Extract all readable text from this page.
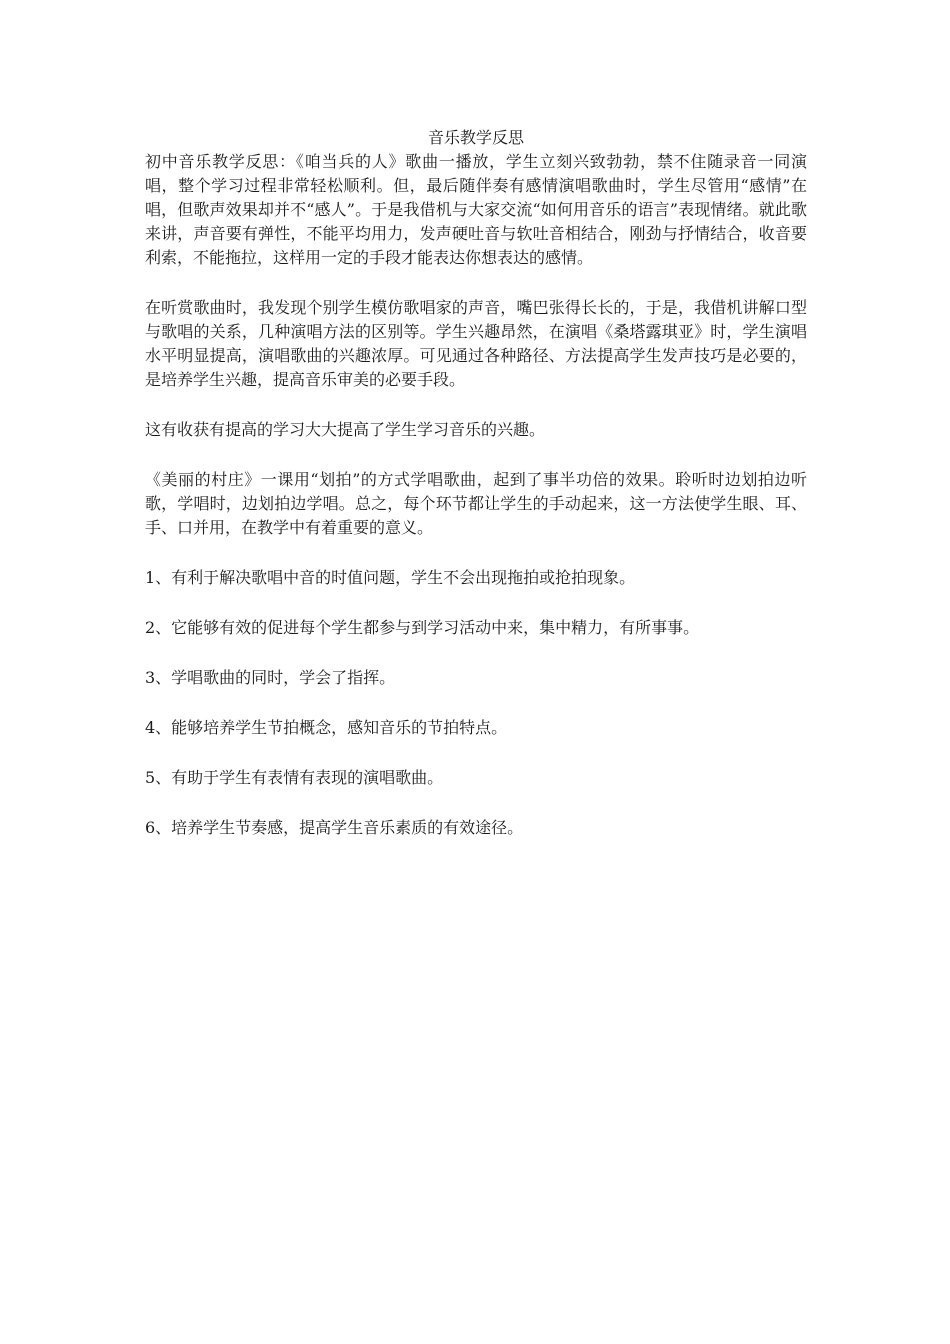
音乐教学反思

初中音乐教学反思：《咱当兵的人》歌曲一播放，学生立刻兴致勃勃，禁不住随录音一同演唱，整个学习过程非常轻松顺利。但，最后随伴奏有感情演唱歌曲时，学生尽管用“感情”在唱，但歌声效果却并不“感人”。于是我借机与大家交流“如何用音乐的语言”表现情绪。就此歌来讲，声音要有弹性，不能平均用力，发声硬吐音与软吐音相结合，刚劲与抒情结合，收音要利索，不能拖拉，这样用一定的手段才能表达你想表达的感情。

在听赏歌曲时，我发现个别学生模仿歌唱家的声音，嘴巴张得长长的，于是，我借机讲解口型与歌唱的关系，几种演唱方法的区别等。学生兴趣昂然，在演唱《桑塔露琪亚》时，学生演唱水平明显提高，演唱歌曲的兴趣浓厚。可见通过各种路径、方法提高学生发声技巧是必要的，是培养学生兴趣，提高音乐审美的必要手段。

这有收获有提高的学习大大提高了学生学习音乐的兴趣。

《美丽的村庄》一课用“划拍”的方式学唱歌曲，起到了事半功倍的效果。聆听时边划拍边听歌，学唱时，边划拍边学唱。总之，每个环节都让学生的手动起来，这一方法使学生眼、耳、手、口并用，在教学中有着重要的意义。

1、有利于解决歌唱中音的时值问题，学生不会出现拖拍或抢拍现象。
2、它能够有效的促进每个学生都参与到学习活动中来，集中精力，有所事事。
3、学唱歌曲的同时，学会了指挥。
4、能够培养学生节拍概念，感知音乐的节拍特点。
5、有助于学生有表情有表现的演唱歌曲。
6、培养学生节奏感，提高学生音乐素质的有效途径。
